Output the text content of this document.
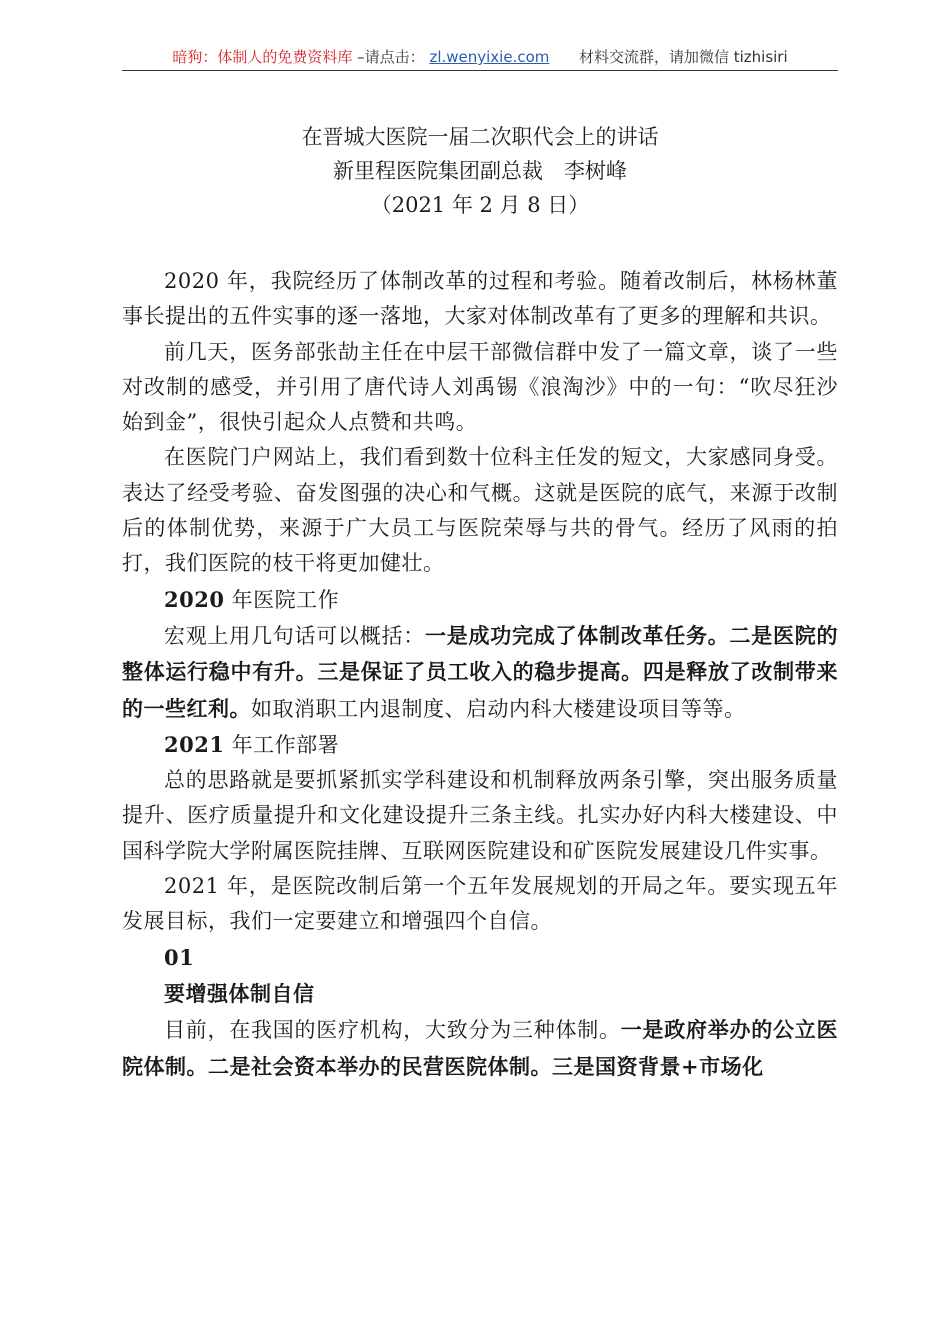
暗狗：体制人的免费资料库 –请点击： zl.wenyixie.com 材料交流群，请加微信 tizhisiri
在晋城大医院一届二次职代会上的讲话
新里程医院集团副总裁　李树峰
（2021 年 2 月 8 日）

2020 年，我院经历了体制改革的过程和考验。随着改制后，林杨林董事长提出的五件实事的逐一落地，大家对体制改革有了更多的理解和共识。

前几天，医务部张劼主任在中层干部微信群中发了一篇文章，谈了一些对改制的感受，并引用了唐代诗人刘禹锡《浪淘沙》中的一句：“吹尽狂沙始到金”，很快引起众人点赞和共鸣。

在医院门户网站上，我们看到数十位科主任发的短文，大家感同身受。表达了经受考验、奋发图强的决心和气概。这就是医院的底气，来源于改制后的体制优势，来源于广大员工与医院荣辱与共的骨气。经历了风雨的拍打，我们医院的枝干将更加健壮。

2020 年医院工作

宏观上用几句话可以概括：一是成功完成了体制改革任务。二是医院的整体运行稳中有升。三是保证了员工收入的稳步提高。四是释放了改制带来的一些红利。如取消职工内退制度、启动内科大楼建设项目等等。

2021 年工作部署

总的思路就是要抓紧抓实学科建设和机制释放两条引擎，突出服务质量提升、医疗质量提升和文化建设提升三条主线。扎实办好内科大楼建设、中国科学院大学附属医院挂牌、互联网医院建设和矿医院发展建设几件实事。

2021 年，是医院改制后第一个五年发展规划的开局之年。要实现五年发展目标，我们一定要建立和增强四个自信。

01

要增强体制自信

目前，在我国的医疗机构，大致分为三种体制。一是政府举办的公立医院体制。二是社会资本举办的民营医院体制。三是国资背景+市场化
